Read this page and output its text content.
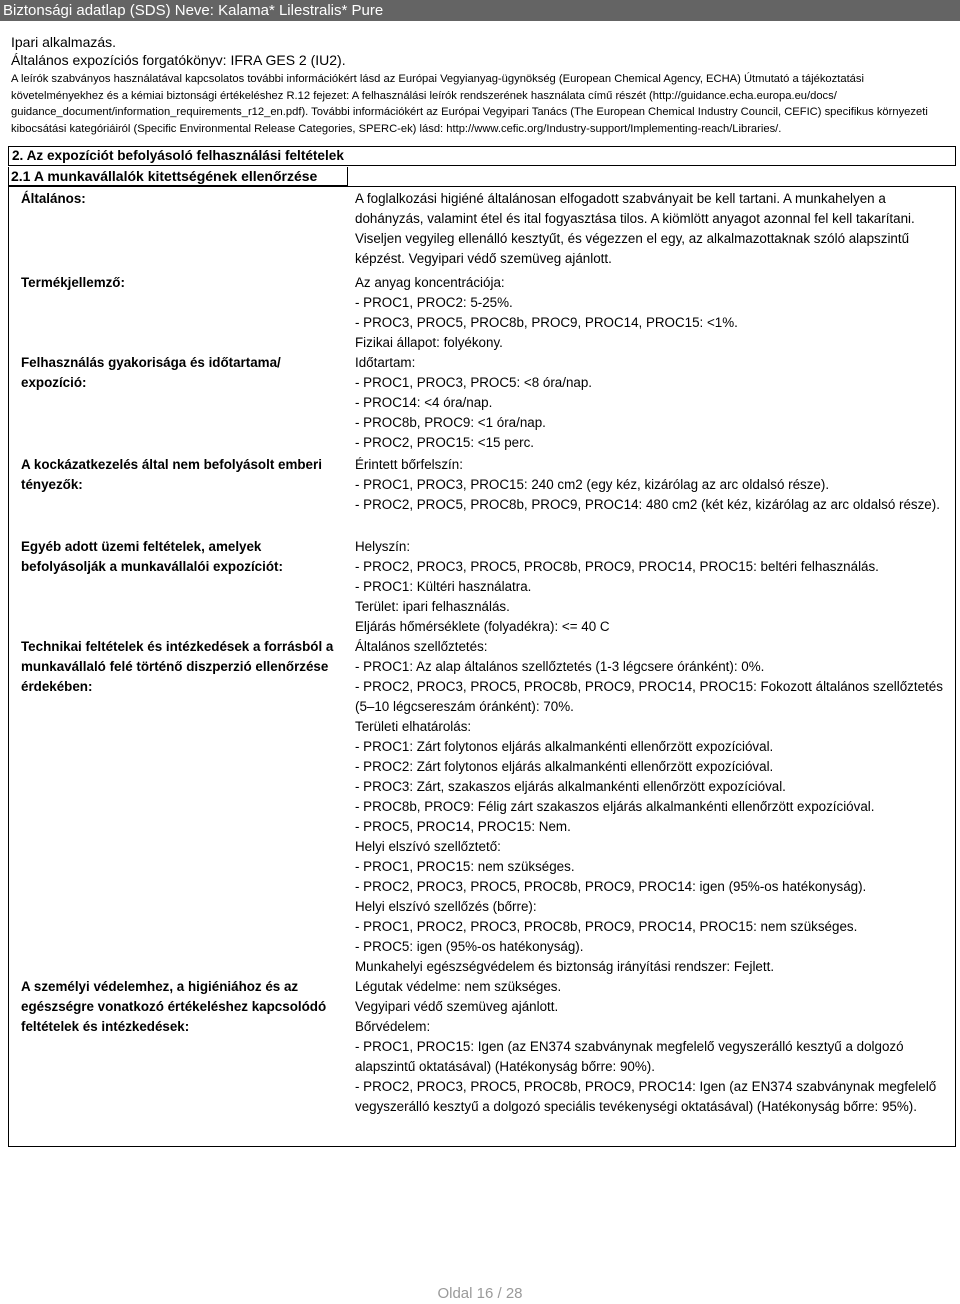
Biztonsági adatlap (SDS) Neve: Kalama* Lilestralis* Pure

Ipari alkalmazás.

Általános expozíciós forgatókönyv: IFRA GES 2 (IU2).

A leírók szabványos használatával kapcsolatos további információkért lásd az Európai Vegyianyag-ügynökség (European Chemical Agency, ECHA) Útmutató a tájékoztatási követelményekhez és a kémiai biztonsági értékeléshez R.12 fejezet: A felhasználási leírók rendszerének használata című részét (http://guidance.echa.europa.eu/docs/ guidance_document/information_requirements_r12_en.pdf). További információkért az Európai Vegyipari Tanács (The European Chemical Industry Council, CEFIC) specifikus környezeti kibocsátási kategóriáiról (Specific Environmental Release Categories, SPERC-ek) lásd: http://www.cefic.org/Industry-support/Implementing-reach/Libraries/.

2. Az expozíciót befolyásoló felhasználási feltételek
2.1 A munkavállalók kitettségének ellenőrzése
Általános:	A foglalkozási higiéné általánosan elfogadott szabványait be kell tartani. A munkahelyen a dohányzás, valamint étel és ital fogyasztása tilos. A kiömlött anyagot azonnal fel kell takarítani. Viseljen vegyileg ellenálló kesztyűt, és végezzen el egy, az alkalmazottaknak szóló alapszintű képzést. Vegyipari védő szemüveg ajánlott.
Termékjellemző:	Az anyag koncentrációja:
- PROC1, PROC2: 5-25%.
- PROC3, PROC5, PROC8b, PROC9, PROC14, PROC15: <1%.
Fizikai állapot: folyékony.
Felhasználás gyakorisága és időtartama/ expozíció:
Időtartam:
- PROC1, PROC3, PROC5: <8 óra/nap.
- PROC14: <4 óra/nap.
- PROC8b, PROC9: <1 óra/nap.
- PROC2, PROC15: <15 perc.
A kockázatkezelés által nem befolyásolt emberi tényezők:
Érintett bőrfelszín:
- PROC1, PROC3, PROC15: 240 cm2 (egy kéz, kizárólag az arc oldalsó része).
- PROC2, PROC5, PROC8b, PROC9, PROC14: 480 cm2 (két kéz, kizárólag az arc oldalsó része).
Egyéb adott üzemi feltételek, amelyek befolyásolják a munkavállalói expozíciót:
Helyszín:
- PROC2, PROC3, PROC5, PROC8b, PROC9, PROC14, PROC15: beltéri felhasználás.
- PROC1: Kültéri használatra.
Terület: ipari felhasználás.
Eljárás hőmérséklete (folyadékra): <= 40 C
Technikai feltételek és intézkedések a forrásból a munkavállaló felé történő diszperzió ellenőrzése érdekében:
Általános szellőztetés:
- PROC1: Az alap általános szellőztetés (1-3 légcsere óránként): 0%.
- PROC2, PROC3, PROC5, PROC8b, PROC9, PROC14, PROC15: Fokozott általános szellőztetés (5–10 légcsereszám óránként): 70%.
Területi elhatárolás:
- PROC1: Zárt folytonos eljárás alkalmankénti ellenőrzött expozícióval.
- PROC2: Zárt folytonos eljárás alkalmankénti ellenőrzött expozícióval.
- PROC3: Zárt, szakaszos eljárás alkalmankénti ellenőrzött expozícióval.
- PROC8b, PROC9: Félig zárt szakaszos eljárás alkalmankénti ellenőrzött expozícióval.
- PROC5, PROC14, PROC15: Nem.
Helyi elszívó szellőztető:
- PROC1, PROC15: nem szükséges.
- PROC2, PROC3, PROC5, PROC8b, PROC9, PROC14: igen (95%-os hatékonyság).
Helyi elszívó szellőzés (bőrre):
- PROC1, PROC2, PROC3, PROC8b, PROC9, PROC14, PROC15: nem szükséges.
- PROC5: igen (95%-os hatékonyság).
Munkahelyi egészségvédelem és biztonság irányítási rendszer: Fejlett.
A személyi védelemhez, a higiéniához és az egészségre vonatkozó értékeléshez kapcsolódó feltételek és intézkedések:
Légutak védelme: nem szükséges.
Vegyipari védő szemüveg ajánlott.
Bőrvédelem:
- PROC1, PROC15: Igen (az EN374 szabványnak megfelelő vegyszerálló kesztyű a dolgozó alapszintű oktatásával) (Hatékonyság bőrre: 90%).
- PROC2, PROC3, PROC5, PROC8b, PROC9, PROC14: Igen (az EN374 szabványnak megfelelő vegyszerálló kesztyű a dolgozó speciális tevékenységi oktatásával) (Hatékonyság bőrre: 95%).
Oldal 16 / 28
